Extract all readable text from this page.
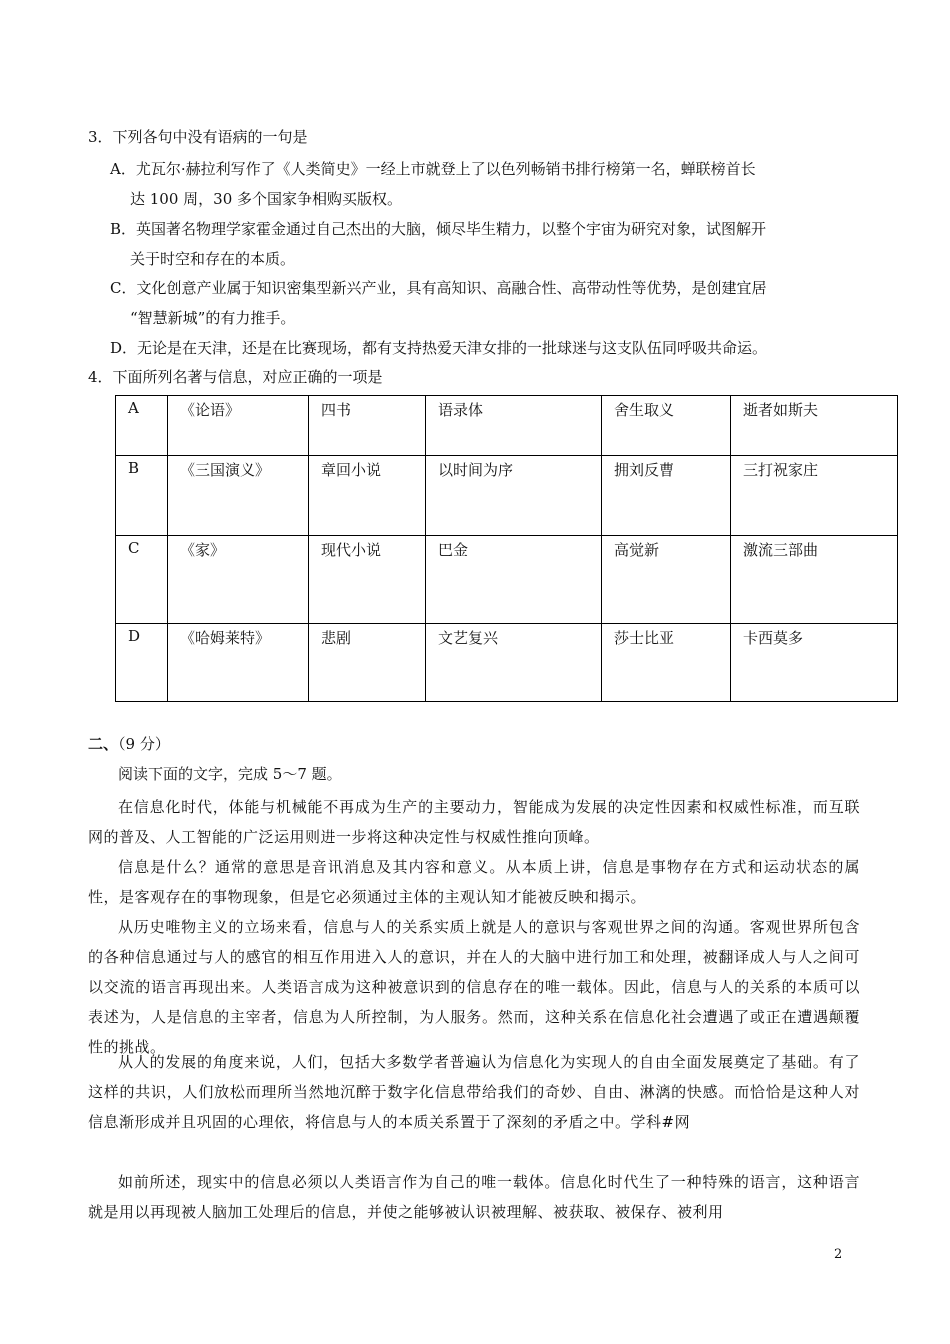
3．下列各句中没有语病的一句是
A．尤瓦尔·赫拉利写作了《人类简史》一经上市就登上了以色列畅销书排行榜第一名，蝉联榜首长
达 100 周，30 多个国家争相购买版权。
B．英国著名物理学家霍金通过自己杰出的大脑，倾尽毕生精力，以整个宇宙为研究对象，试图解开
关于时空和存在的本质。
C．文化创意产业属于知识密集型新兴产业，具有高知识、高融合性、高带动性等优势，是创建宜居
“智慧新城”的有力推手。
D．无论是在天津，还是在比赛现场，都有支持热爱天津女排的一批球迷与这支队伍同呼吸共命运。
4．下面所列名著与信息，对应正确的一项是
A	《论语》	四书	语录体	舍生取义	逝者如斯夫
B	《三国演义》	章回小说	以时间为序	拥刘反曹	三打祝家庄
C	《家》	现代小说	巴金	高觉新	激流三部曲
D	《哈姆莱特》	悲剧	文艺复兴	莎士比亚	卡西莫多
二、（9 分）
阅读下面的文字，完成 5～7 题。
在信息化时代，体能与机械能不再成为生产的主要动力，智能成为发展的决定性因素和权威性标准，而互联网的普及、人工智能的广泛运用则进一步将这种决定性与权威性推向顶峰。
信息是什么？通常的意思是音讯消息及其内容和意义。从本质上讲，信息是事物存在方式和运动状态的属性，是客观存在的事物现象，但是它必须通过主体的主观认知才能被反映和揭示。
从历史唯物主义的立场来看，信息与人的关系实质上就是人的意识与客观世界之间的沟通。客观世界所包含的各种信息通过与人的感官的相互作用进入人的意识，并在人的大脑中进行加工和处理，被翻译成人与人之间可以交流的语言再现出来。人类语言成为这种被意识到的信息存在的唯一载体。因此，信息与人的关系的本质可以表述为，人是信息的主宰者，信息为人所控制，为人服务。然而，这种关系在信息化社会遭遇了或正在遭遇颠覆性的挑战。
从人的发展的角度来说，人们，包括大多数学者普遍认为信息化为实现人的自由全面发展奠定了基础。有了这样的共识，人们放松而理所当然地沉醉于数字化信息带给我们的奇妙、自由、淋漓的快感。而恰恰是这种人对信息渐形成并且巩固的心理依，将信息与人的本质关系置于了深刻的矛盾之中。学科#网
如前所述，现实中的信息必须以人类语言作为自己的唯一载体。信息化时代生了一种特殊的语言，这种语言就是用以再现被人脑加工处理后的信息，并使之能够被认识被理解、被获取、被保存、被利用
2
